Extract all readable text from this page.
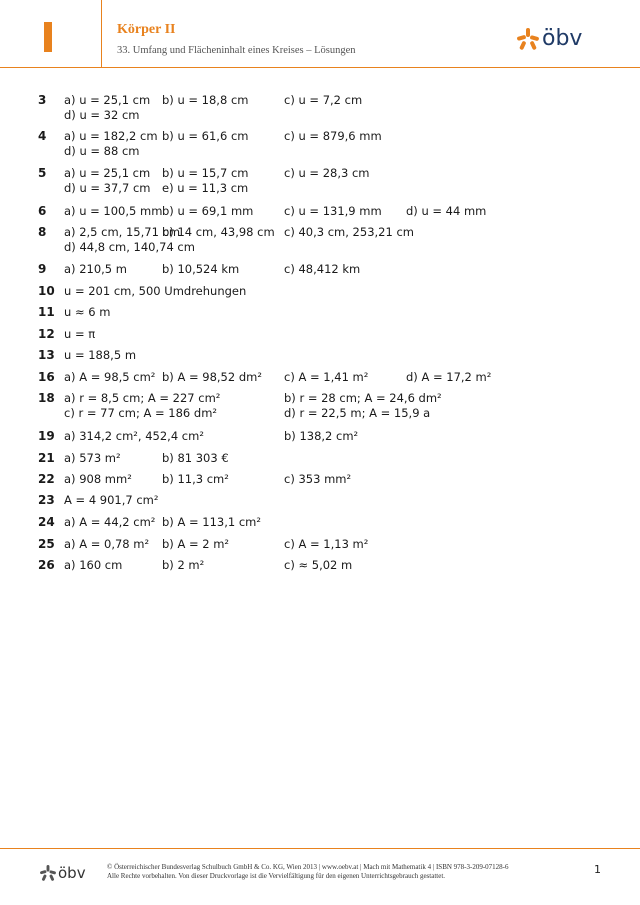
Körper II
33. Umfang und Flächeninhalt eines Kreises – Lösungen	öbv
3 a) u = 25,1 cm b) u = 18,8 cm	c) u = 7,2 cm
d) u = 32 cm
4 a) u = 182,2 cm b) u = 61,6 cm	c) u = 879,6 mm
d) u = 88 cm
5 a) u = 25,1 cm b) u = 15,7 cm	c) u = 28,3 cm
d) u = 37,7 cm e) u = 11,3 cm
6 a) u = 100,5 mm b) u = 69,1 mm	c) u = 131,9 mm d) u = 44 mm
8 a) 2,5 cm, 15,71 cm
b) 14 cm, 43,98 cm c) 40,3 cm, 253,21 cm
d) 44,8 cm, 140,74 cm
9 a) 210,5 m	b) 10,524 km	c) 48,412 km
10 u = 201 cm, 500 Umdrehungen
11 u ≈ 6 m
12 u = π
13 u = 188,5 m
16 a) A = 98,5 cm² b) A = 98,52 dm² c) A = 1,41 m²	d) A = 17,2 m²
18 a) r = 8,5 cm; A = 227 cm²	b) r = 28 cm; A = 24,6 dm²
c) r = 77 cm; A = 186 dm²	d) r = 22,5 m; A = 15,9 a
19 a) 314,2 cm², 452,4 cm²	b) 138,2 cm²
21 a) 573 m²	b) 81 303 €
22 a) 908 mm²	b) 11,3 cm²	c) 353 mm²
23 A = 4 901,7 cm²
24 a) A = 44,2 cm² b) A = 113,1 cm²
25 a) A = 0,78 m² b) A = 2 m²	c) A = 1,13 m²
26 a) 160 cm	b) 2 m²	c) ≈ 5,02 m
öbv	© Österreichischer Bundesverlag Schulbuch GmbH & Co. KG, Wien 2013 | www.oebv.at | Mach mit Mathematik 4 | ISBN 978-3-209-07128-6
Alle Rechte vorbehalten. Von dieser Druckvorlage ist die Vervielfältigung für den eigenen Unterrichtsgebrauch gestattet.	1
